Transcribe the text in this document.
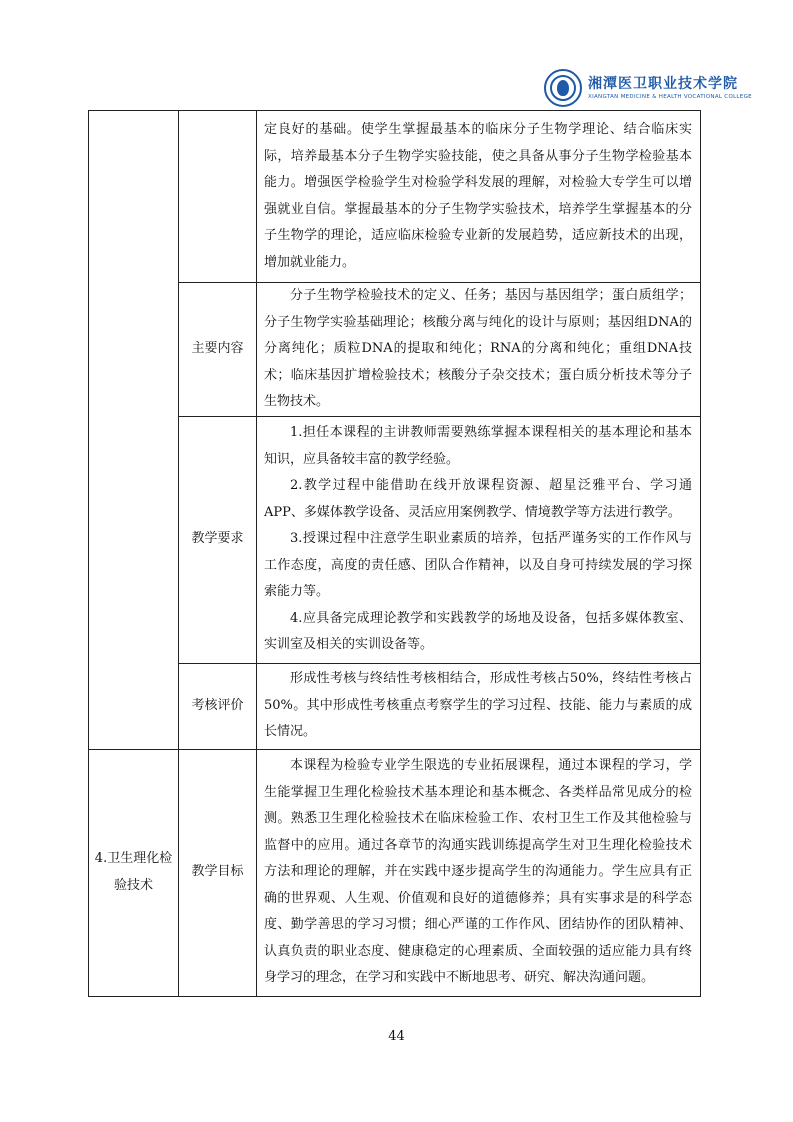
湘潭医卫职业技术学院
XIANGTAN MEDICINE & HEALTH VOCATIONAL COLLEGE

		定良好的基础。使学生掌握最基本的临床分子生物学理论、结合临床实际，培养最基本分子生物学实验技能，使之具备从事分子生物学检验基本能力。增强医学检验学生对检验学科发展的理解，对检验大专学生可以增强就业自信。掌握最基本的分子生物学实验技术，培养学生掌握基本的分子生物学的理论，适应临床检验专业新的发展趋势，适应新技术的出现，增加就业能力。

	主要内容	分子生物学检验技术的定义、任务；基因与基因组学；蛋白质组学；分子生物学实验基础理论；核酸分离与纯化的设计与原则；基因组DNA的分离纯化；质粒DNA的提取和纯化；RNA的分离和纯化；重组DNA技术；临床基因扩增检验技术；核酸分子杂交技术；蛋白质分析技术等分子生物技术。

	教学要求	1.担任本课程的主讲教师需要熟练掌握本课程相关的基本理论和基本知识，应具备较丰富的教学经验。

2.教学过程中能借助在线开放课程资源、超星泛雅平台、学习通APP、多媒体教学设备、灵活应用案例教学、情境教学等方法进行教学。

3.授课过程中注意学生职业素质的培养，包括严谨务实的工作作风与工作态度，高度的责任感、团队合作精神，以及自身可持续发展的学习探索能力等。

4.应具备完成理论教学和实践教学的场地及设备，包括多媒体教室、实训室及相关的实训设备等。

	考核评价	形成性考核与终结性考核相结合，形成性考核占50%，终结性考核占50%。其中形成性考核重点考察学生的学习过程、技能、能力与素质的成长情况。

4.卫生理化检验技术	教学目标	本课程为检验专业学生限选的专业拓展课程，通过本课程的学习，学生能掌握卫生理化检验技术基本理论和基本概念、各类样品常见成分的检测。熟悉卫生理化检验技术在临床检验工作、农村卫生工作及其他检验与监督中的应用。通过各章节的沟通实践训练提高学生对卫生理化检验技术方法和理论的理解，并在实践中逐步提高学生的沟通能力。学生应具有正确的世界观、人生观、价值观和良好的道德修养；具有实事求是的科学态度、勤学善思的学习习惯；细心严谨的工作作风、团结协作的团队精神、认真负责的职业态度、健康稳定的心理素质、全面较强的适应能力具有终身学习的理念，在学习和实践中不断地思考、研究、解决沟通问题。

44
